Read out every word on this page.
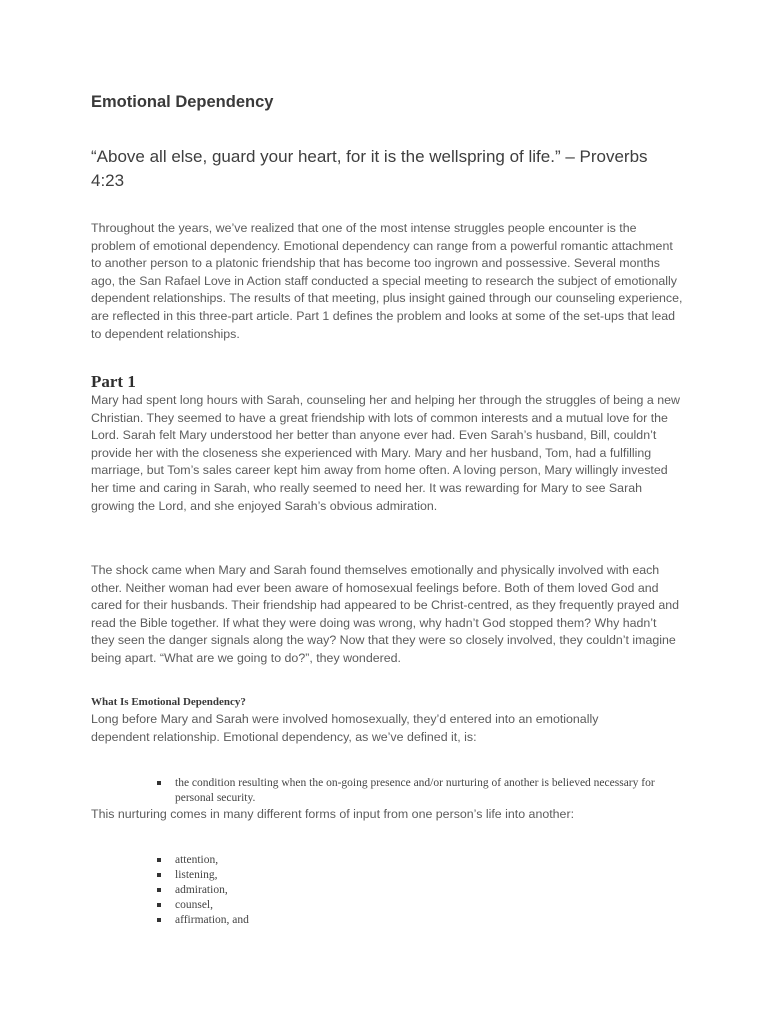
Emotional Dependency

“Above all else, guard your heart, for it is the wellspring of life.” – Proverbs 4:23

Throughout the years, we’ve realized that one of the most intense struggles people encounter is the problem of emotional dependency. Emotional dependency can range from a powerful romantic attachment to another person to a platonic friendship that has become too ingrown and possessive. Several months ago, the San Rafael Love in Action staff conducted a special meeting to research the subject of emotionally dependent relationships. The results of that meeting, plus insight gained through our counseling experience, are reflected in this three-part article. Part 1 defines the problem and looks at some of the set-ups that lead to dependent relationships.

Part 1

Mary had spent long hours with Sarah, counseling her and helping her through the struggles of being a new Christian. They seemed to have a great friendship with lots of common interests and a mutual love for the Lord. Sarah felt Mary understood her better than anyone ever had. Even Sarah’s husband, Bill, couldn’t provide her with the closeness she experienced with Mary. Mary and her husband, Tom, had a fulfilling marriage, but Tom’s sales career kept him away from home often. A loving person, Mary willingly invested her time and caring in Sarah, who really seemed to need her. It was rewarding for Mary to see Sarah growing the Lord, and she enjoyed Sarah’s obvious admiration.

The shock came when Mary and Sarah found themselves emotionally and physically involved with each other. Neither woman had ever been aware of homosexual feelings before. Both of them loved God and cared for their husbands. Their friendship had appeared to be Christ-centred, as they frequently prayed and read the Bible together. If what they were doing was wrong, why hadn’t God stopped them? Why hadn’t they seen the danger signals along the way? Now that they were so closely involved, they couldn’t imagine being apart. “What are we going to do?”, they wondered.

What Is Emotional Dependency?

Long before Mary and Sarah were involved homosexually, they’d entered into an emotionally dependent relationship. Emotional dependency, as we’ve defined it, is:

the condition resulting when the on-going presence and/or nurturing of another is believed necessary for personal security.

This nurturing comes in many different forms of input from one person’s life into another:

attention,
listening,
admiration,
counsel,
affirmation, and
